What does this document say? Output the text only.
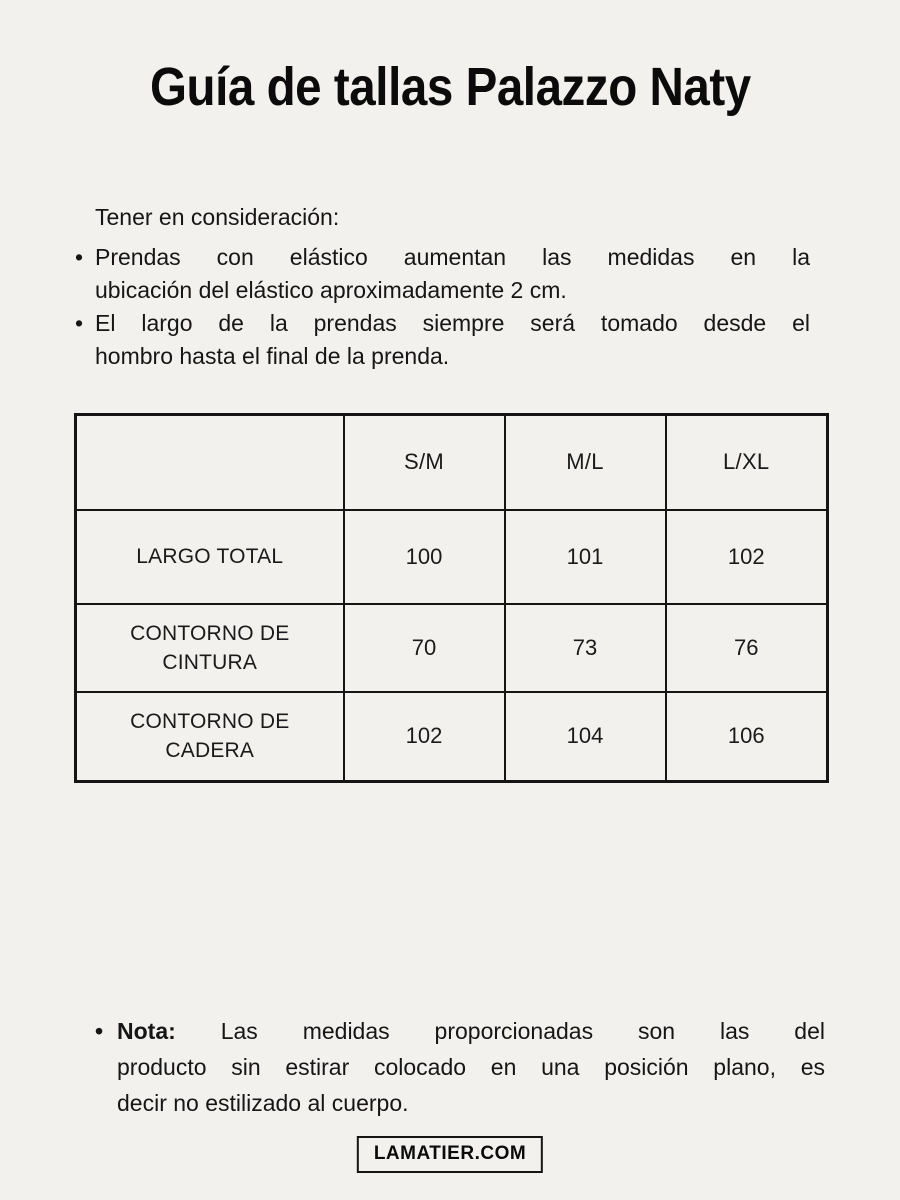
Guía de tallas Palazzo Naty
Tener en consideración:
• Prendas con elástico aumentan las medidas en la
ubicación del elástico aproximadamente 2 cm.
• El largo de la prendas siempre será tomado desde el
hombro hasta el final de la prenda.
	S/M	M/L	L/XL
LARGO TOTAL	100	101	102
CONTORNO DE CINTURA	70	73	76
CONTORNO DE CADERA	102	104	106
• Nota: Las medidas proporcionadas son las del
producto sin estirar colocado en una posición plano, es
decir no estilizado al cuerpo.
LAMATIER.COM
